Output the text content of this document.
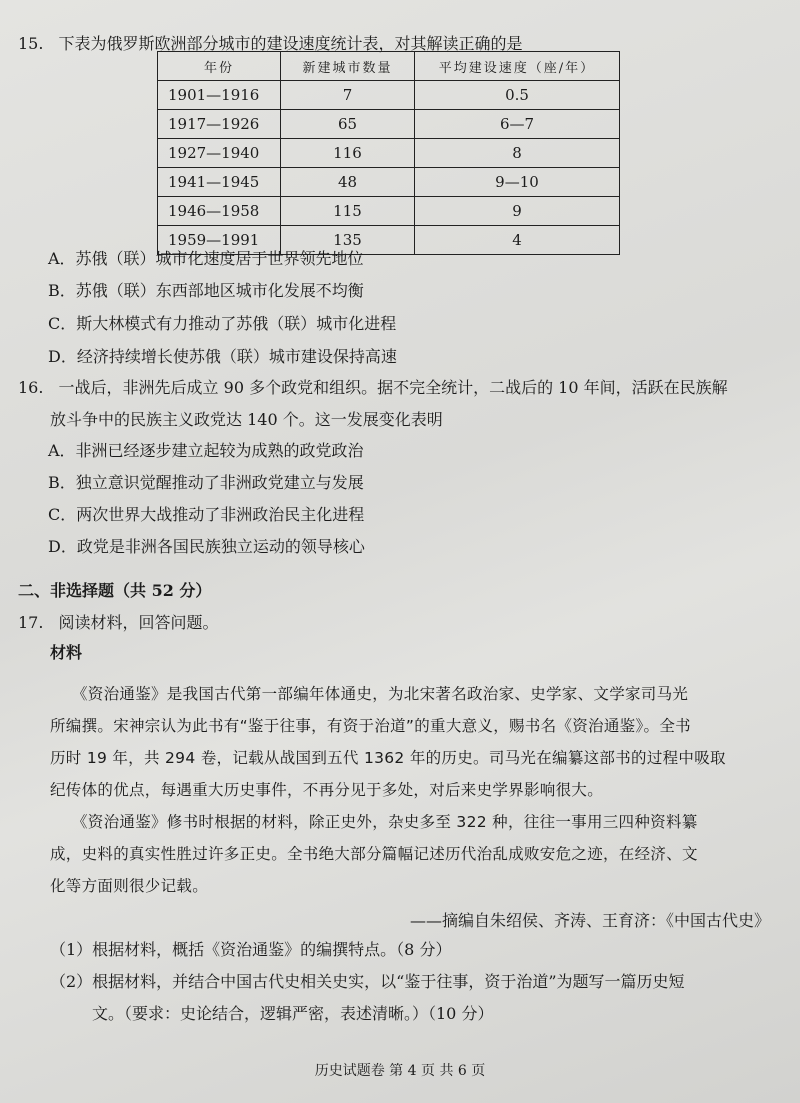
15. 下表为俄罗斯欧洲部分城市的建设速度统计表，对其解读正确的是
年份	新建城市数量	平均建设速度（座/年）
1901—1916	7	0.5
1917—1926	65	6—7
1927—1940	116	8
1941—1945	48	9—10
1946—1958	115	9
1959—1991	135	4
A．苏俄（联）城市化速度居于世界领先地位
B．苏俄（联）东西部地区城市化发展不均衡
C．斯大林模式有力推动了苏俄（联）城市化进程
D．经济持续增长使苏俄（联）城市建设保持高速
16. 一战后，非洲先后成立 90 多个政党和组织。据不完全统计，二战后的 10 年间，活跃在民族解
放斗争中的民族主义政党达 140 个。这一发展变化表明
A．非洲已经逐步建立起较为成熟的政党政治
B．独立意识觉醒推动了非洲政党建立与发展
C．两次世界大战推动了非洲政治民主化进程
D．政党是非洲各国民族独立运动的领导核心
二、非选择题（共 52 分）
17. 阅读材料，回答问题。
材料
《资治通鉴》是我国古代第一部编年体通史，为北宋著名政治家、史学家、文学家司马光
所编撰。宋神宗认为此书有“鉴于往事，有资于治道”的重大意义，赐书名《资治通鉴》。全书
历时 19 年，共 294 卷，记载从战国到五代 1362 年的历史。司马光在编纂这部书的过程中吸取
纪传体的优点，每遇重大历史事件，不再分见于多处，对后来史学界影响很大。
《资治通鉴》修书时根据的材料，除正史外，杂史多至 322 种，往往一事用三四种资料纂
成，史料的真实性胜过许多正史。全书绝大部分篇幅记述历代治乱成败安危之迹，在经济、文
化等方面则很少记载。
——摘编自朱绍侯、齐涛、王育济：《中国古代史》
（1）根据材料，概括《资治通鉴》的编撰特点。（8 分）
（2）根据材料，并结合中国古代史相关史实，以“鉴于往事，资于治道”为题写一篇历史短
文。（要求：史论结合，逻辑严密，表述清晰。）（10 分）
历史试题卷 第 4 页 共 6 页
